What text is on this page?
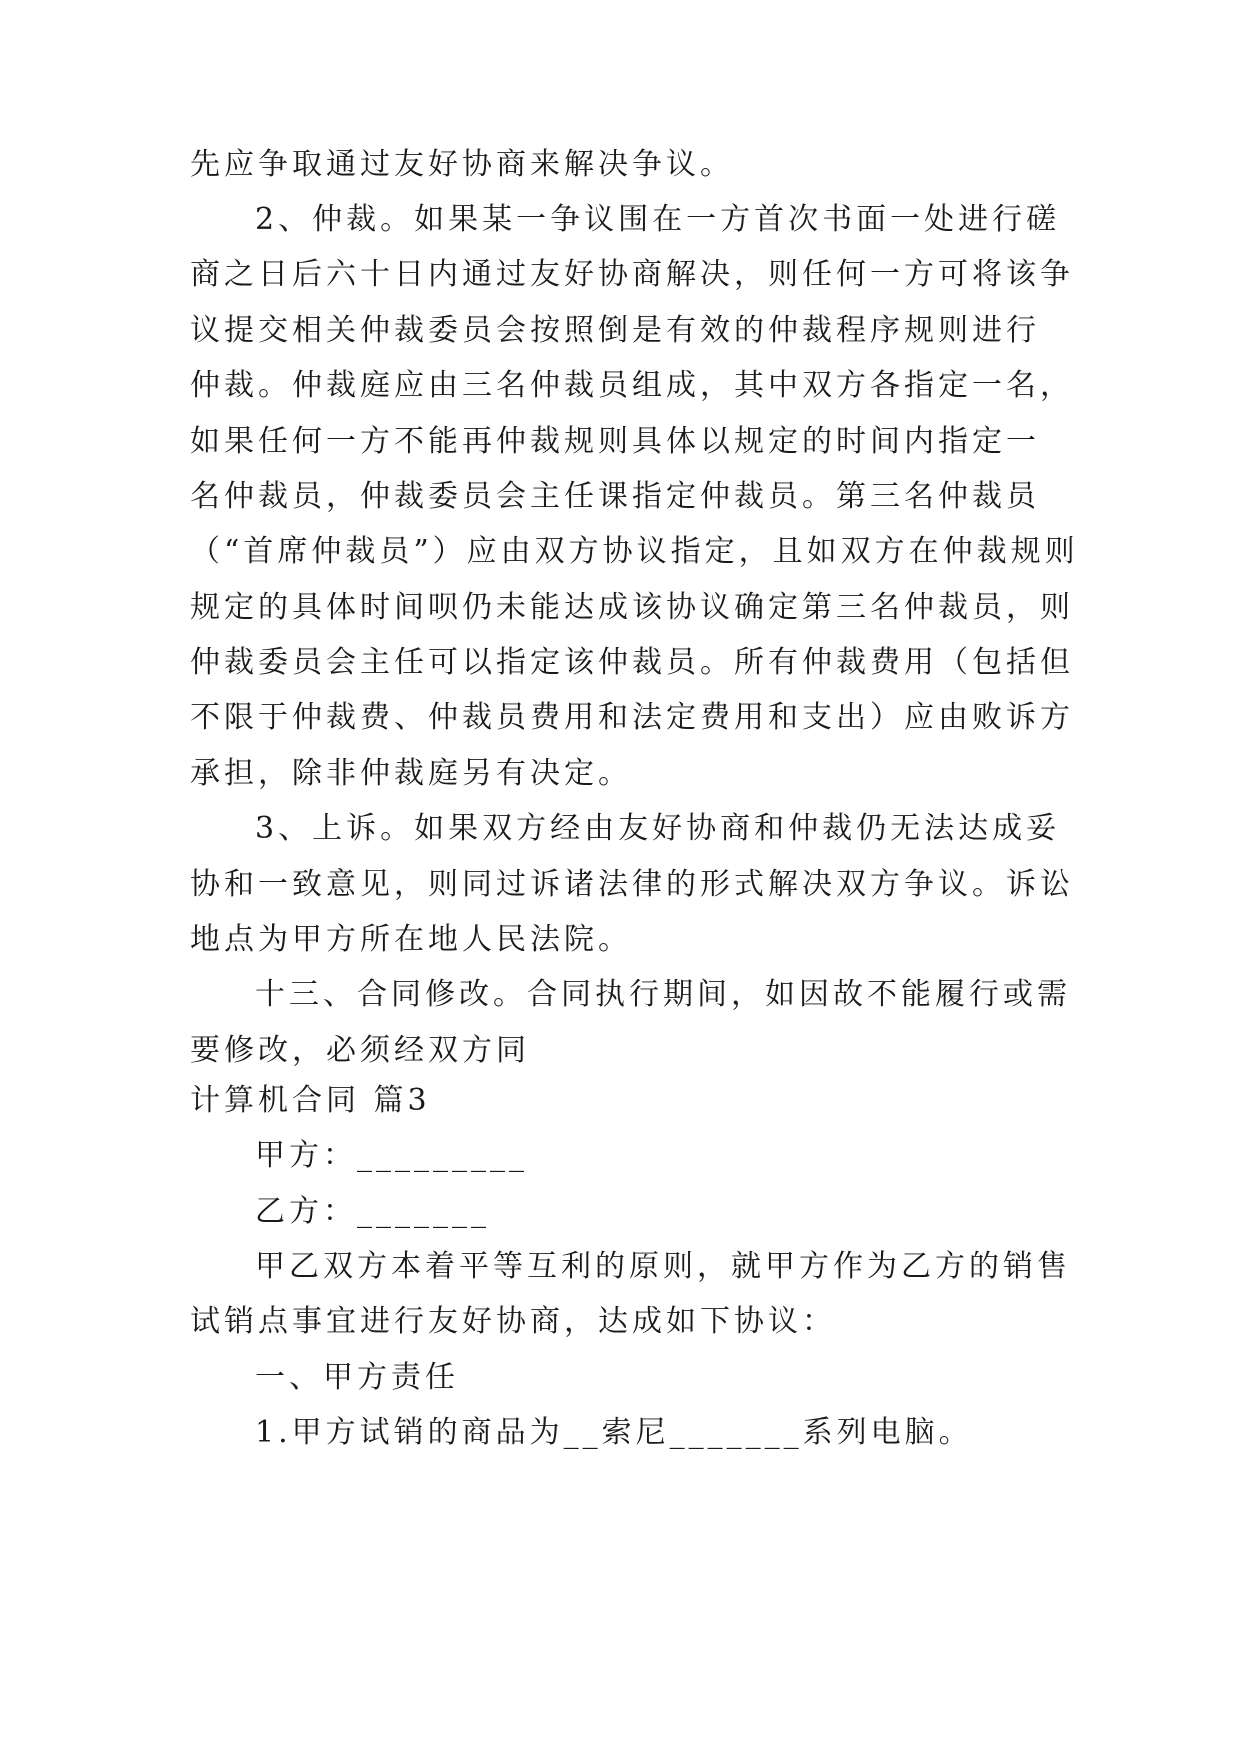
先应争取通过友好协商来解决争议。
2、仲裁。如果某一争议围在一方首次书面一处进行磋
商之日后六十日内通过友好协商解决，则任何一方可将该争
议提交相关仲裁委员会按照倒是有效的仲裁程序规则进行
仲裁。仲裁庭应由三名仲裁员组成，其中双方各指定一名，
如果任何一方不能再仲裁规则具体以规定的时间内指定一
名仲裁员，仲裁委员会主任课指定仲裁员。第三名仲裁员
（“首席仲裁员”）应由双方协议指定，且如双方在仲裁规则
规定的具体时间呗仍未能达成该协议确定第三名仲裁员，则
仲裁委员会主任可以指定该仲裁员。所有仲裁费用（包括但
不限于仲裁费、仲裁员费用和法定费用和支出）应由败诉方
承担，除非仲裁庭另有决定。
3、上诉。如果双方经由友好协商和仲裁仍无法达成妥
协和一致意见，则同过诉诸法律的形式解决双方争议。诉讼
地点为甲方所在地人民法院。
十三、合同修改。合同执行期间，如因故不能履行或需
要修改，必须经双方同
计算机合同 篇3
甲方：_________
乙方：_______
甲乙双方本着平等互利的原则，就甲方作为乙方的销售
试销点事宜进行友好协商，达成如下协议：
一、甲方责任
1.甲方试销的商品为__索尼_______系列电脑。
